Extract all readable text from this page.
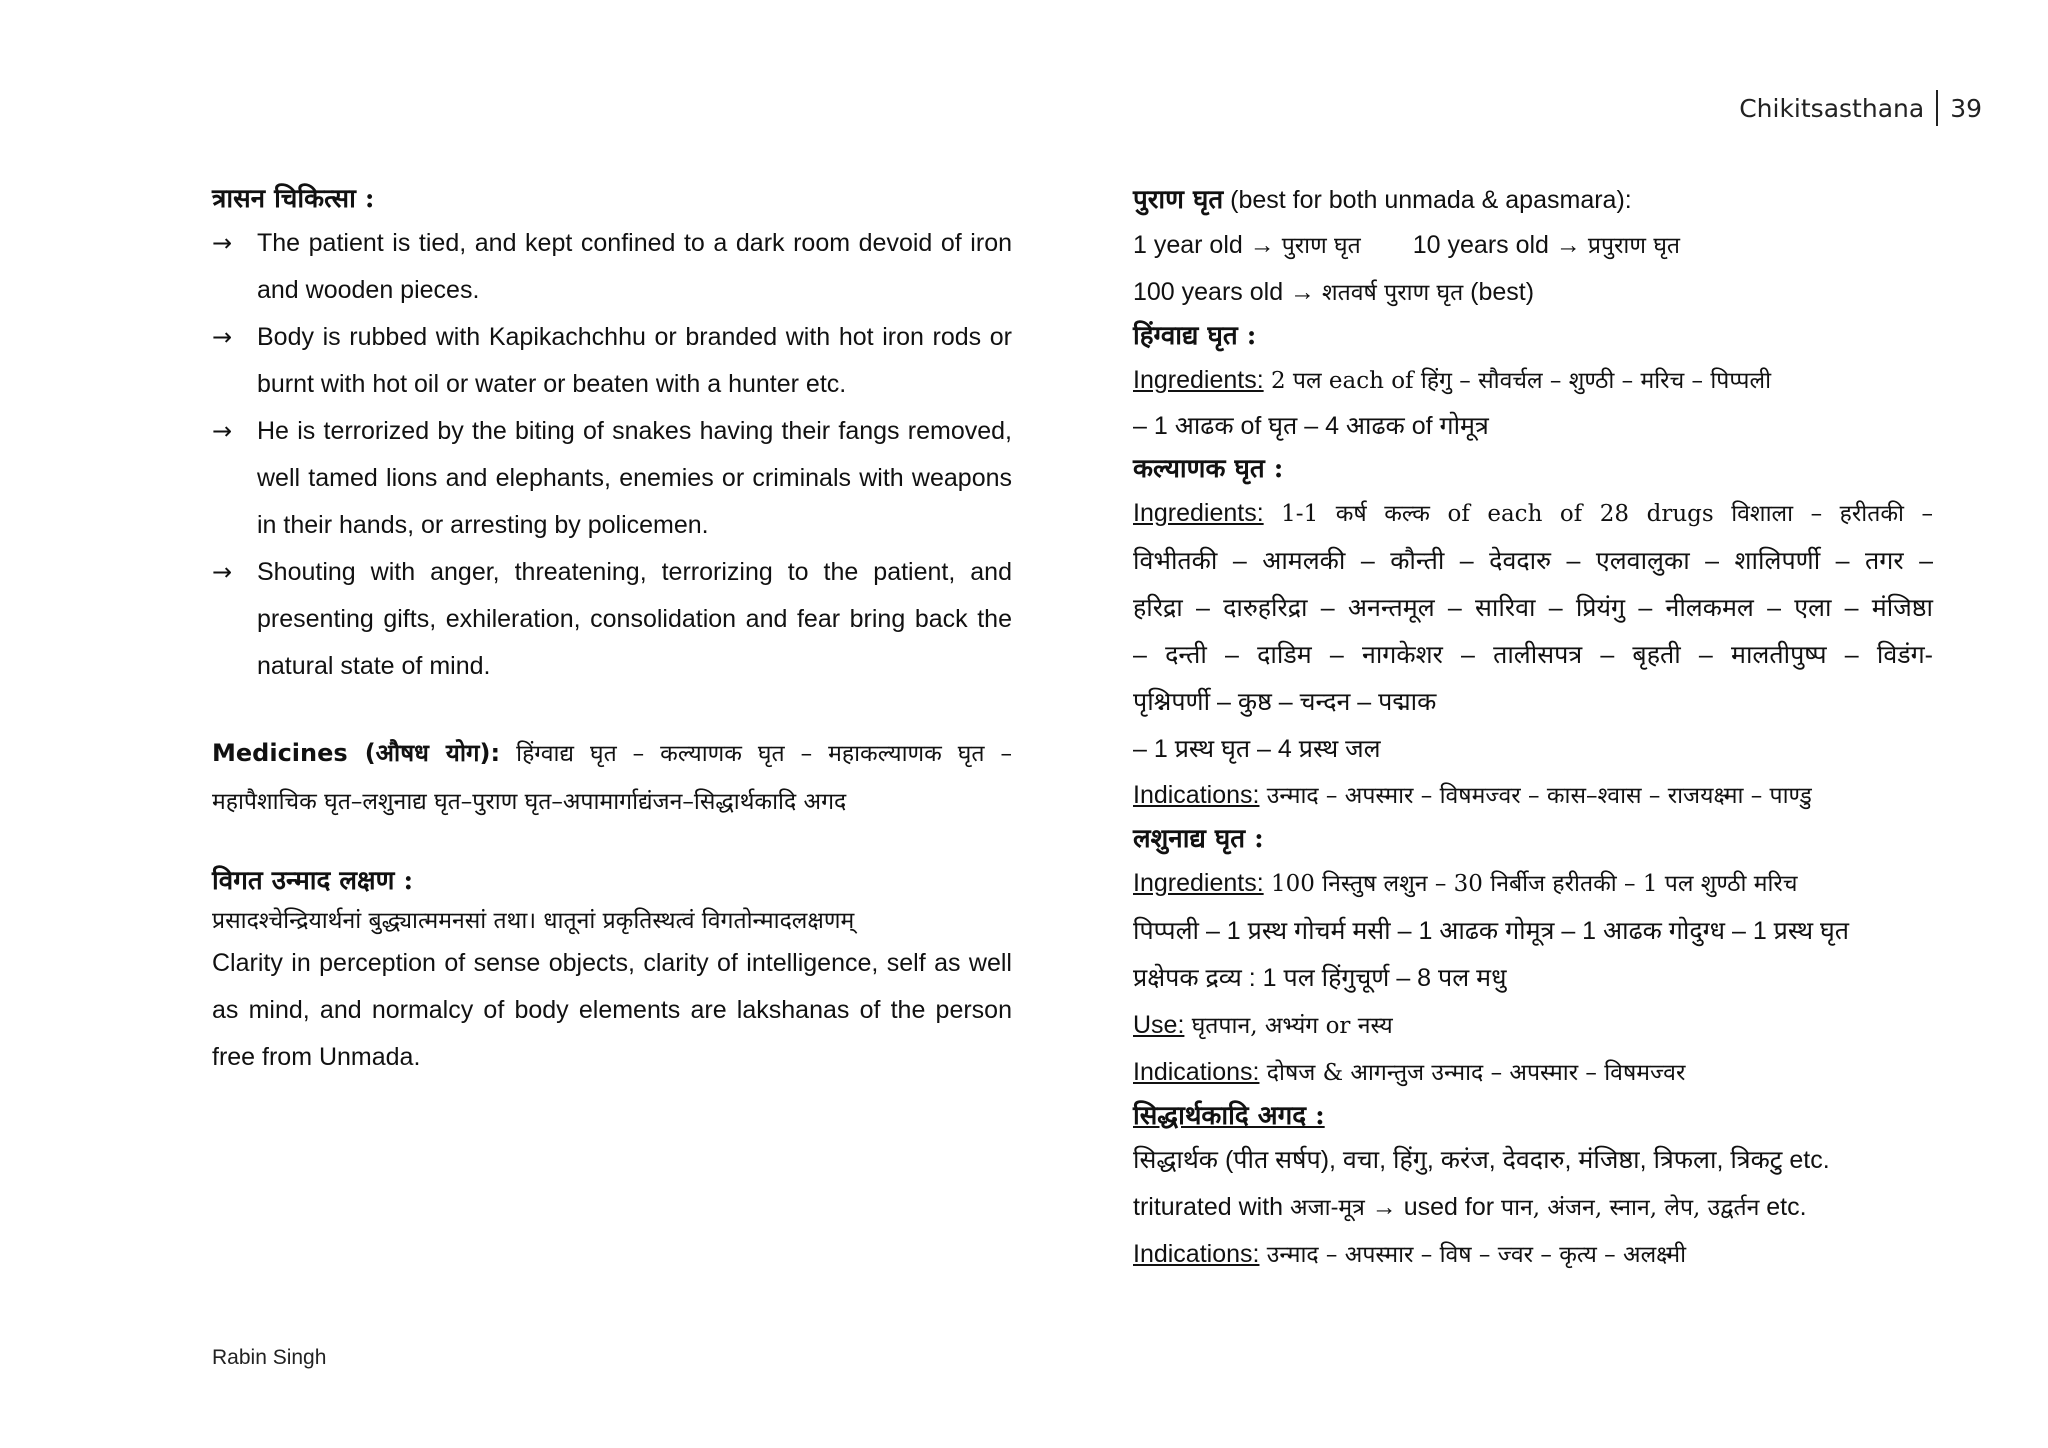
Chikitsasthana	39
त्रासन चिकित्सा :
→ The patient is tied, and kept confined to a dark room devoid of iron and wooden pieces.
→ Body is rubbed with Kapikachchhu or branded with hot iron rods or burnt with hot oil or water or beaten with a hunter etc.
→ He is terrorized by the biting of snakes having their fangs removed, well tamed lions and elephants, enemies or criminals with weapons in their hands, or arresting by policemen.
→ Shouting with anger, threatening, terrorizing to the patient, and presenting gifts, exhileration, consolidation and fear bring back the natural state of mind.
Medicines (औषध योग): हिंग्वाद्य घृत – कल्याणक घृत – महाकल्याणक घृत – महापैशाचिक घृत–लशुनाद्य घृत–पुराण घृत–अपामार्गाद्यंजन–सिद्धार्थकादि अगद
विगत उन्माद लक्षण :
प्रसादश्चेन्द्रियार्थनां बुद्ध्यात्ममनसां तथा। धातूनां प्रकृतिस्थत्वं विगतोन्मादलक्षणम्
Clarity in perception of sense objects, clarity of intelligence, self as well as mind, and normalcy of body elements are lakshanas of the person free from Unmada.
पुराण घृत (best for both unmada & apasmara):
1 year old → पुराण घृत 10 years old → प्रपुराण घृत
100 years old → शतवर्ष पुराण घृत (best)
हिंग्वाद्य घृत :
Ingredients: 2 पल each of हिंगु – सौवर्चल – शुण्ठी – मरिच – पिप्पली
– 1 आढक of घृत – 4 आढक of गोमूत्र
कल्याणक घृत :
Ingredients: 1-1 कर्ष कल्क of each of 28 drugs विशाला – हरीतकी –
विभीतकी – आमलकी – कौन्ती – देवदारु – एलवालुका – शालिपर्णी – तगर –
हरिद्रा – दारुहरिद्रा – अनन्तमूल – सारिवा – प्रियंगु – नीलकमल – एला – मंजिष्ठा
– दन्ती – दाडिम – नागकेशर – तालीसपत्र – बृहती – मालतीपुष्प – विडंग-
पृश्निपर्णी – कुष्ठ – चन्दन – पद्माक
– 1 प्रस्थ घृत – 4 प्रस्थ जल
Indications: उन्माद – अपस्मार – विषमज्वर – कास–श्वास – राजयक्ष्मा – पाण्डु
लशुनाद्य घृत :
Ingredients: 100 निस्तुष लशुन – 30 निर्बीज हरीतकी – 1 पल शुण्ठी मरिच
पिप्पली – 1 प्रस्थ गोचर्म मसी – 1 आढक गोमूत्र – 1 आढक गोदुग्ध – 1 प्रस्थ घृत
प्रक्षेपक द्रव्य : 1 पल हिंगुचूर्ण – 8 पल मधु
Use: घृतपान, अभ्यंग or नस्य
Indications: दोषज & आगन्तुज उन्माद – अपस्मार – विषमज्वर
सिद्धार्थकादि अगद :
सिद्धार्थक (पीत सर्षप), वचा, हिंगु, करंज, देवदारु, मंजिष्ठा, त्रिफला, त्रिकटु etc.
triturated with अजा-मूत्र → used for पान, अंजन, स्नान, लेप, उद्वर्तन etc.
Indications: उन्माद – अपस्मार – विष – ज्वर – कृत्य – अलक्ष्मी
Rabin Singh
